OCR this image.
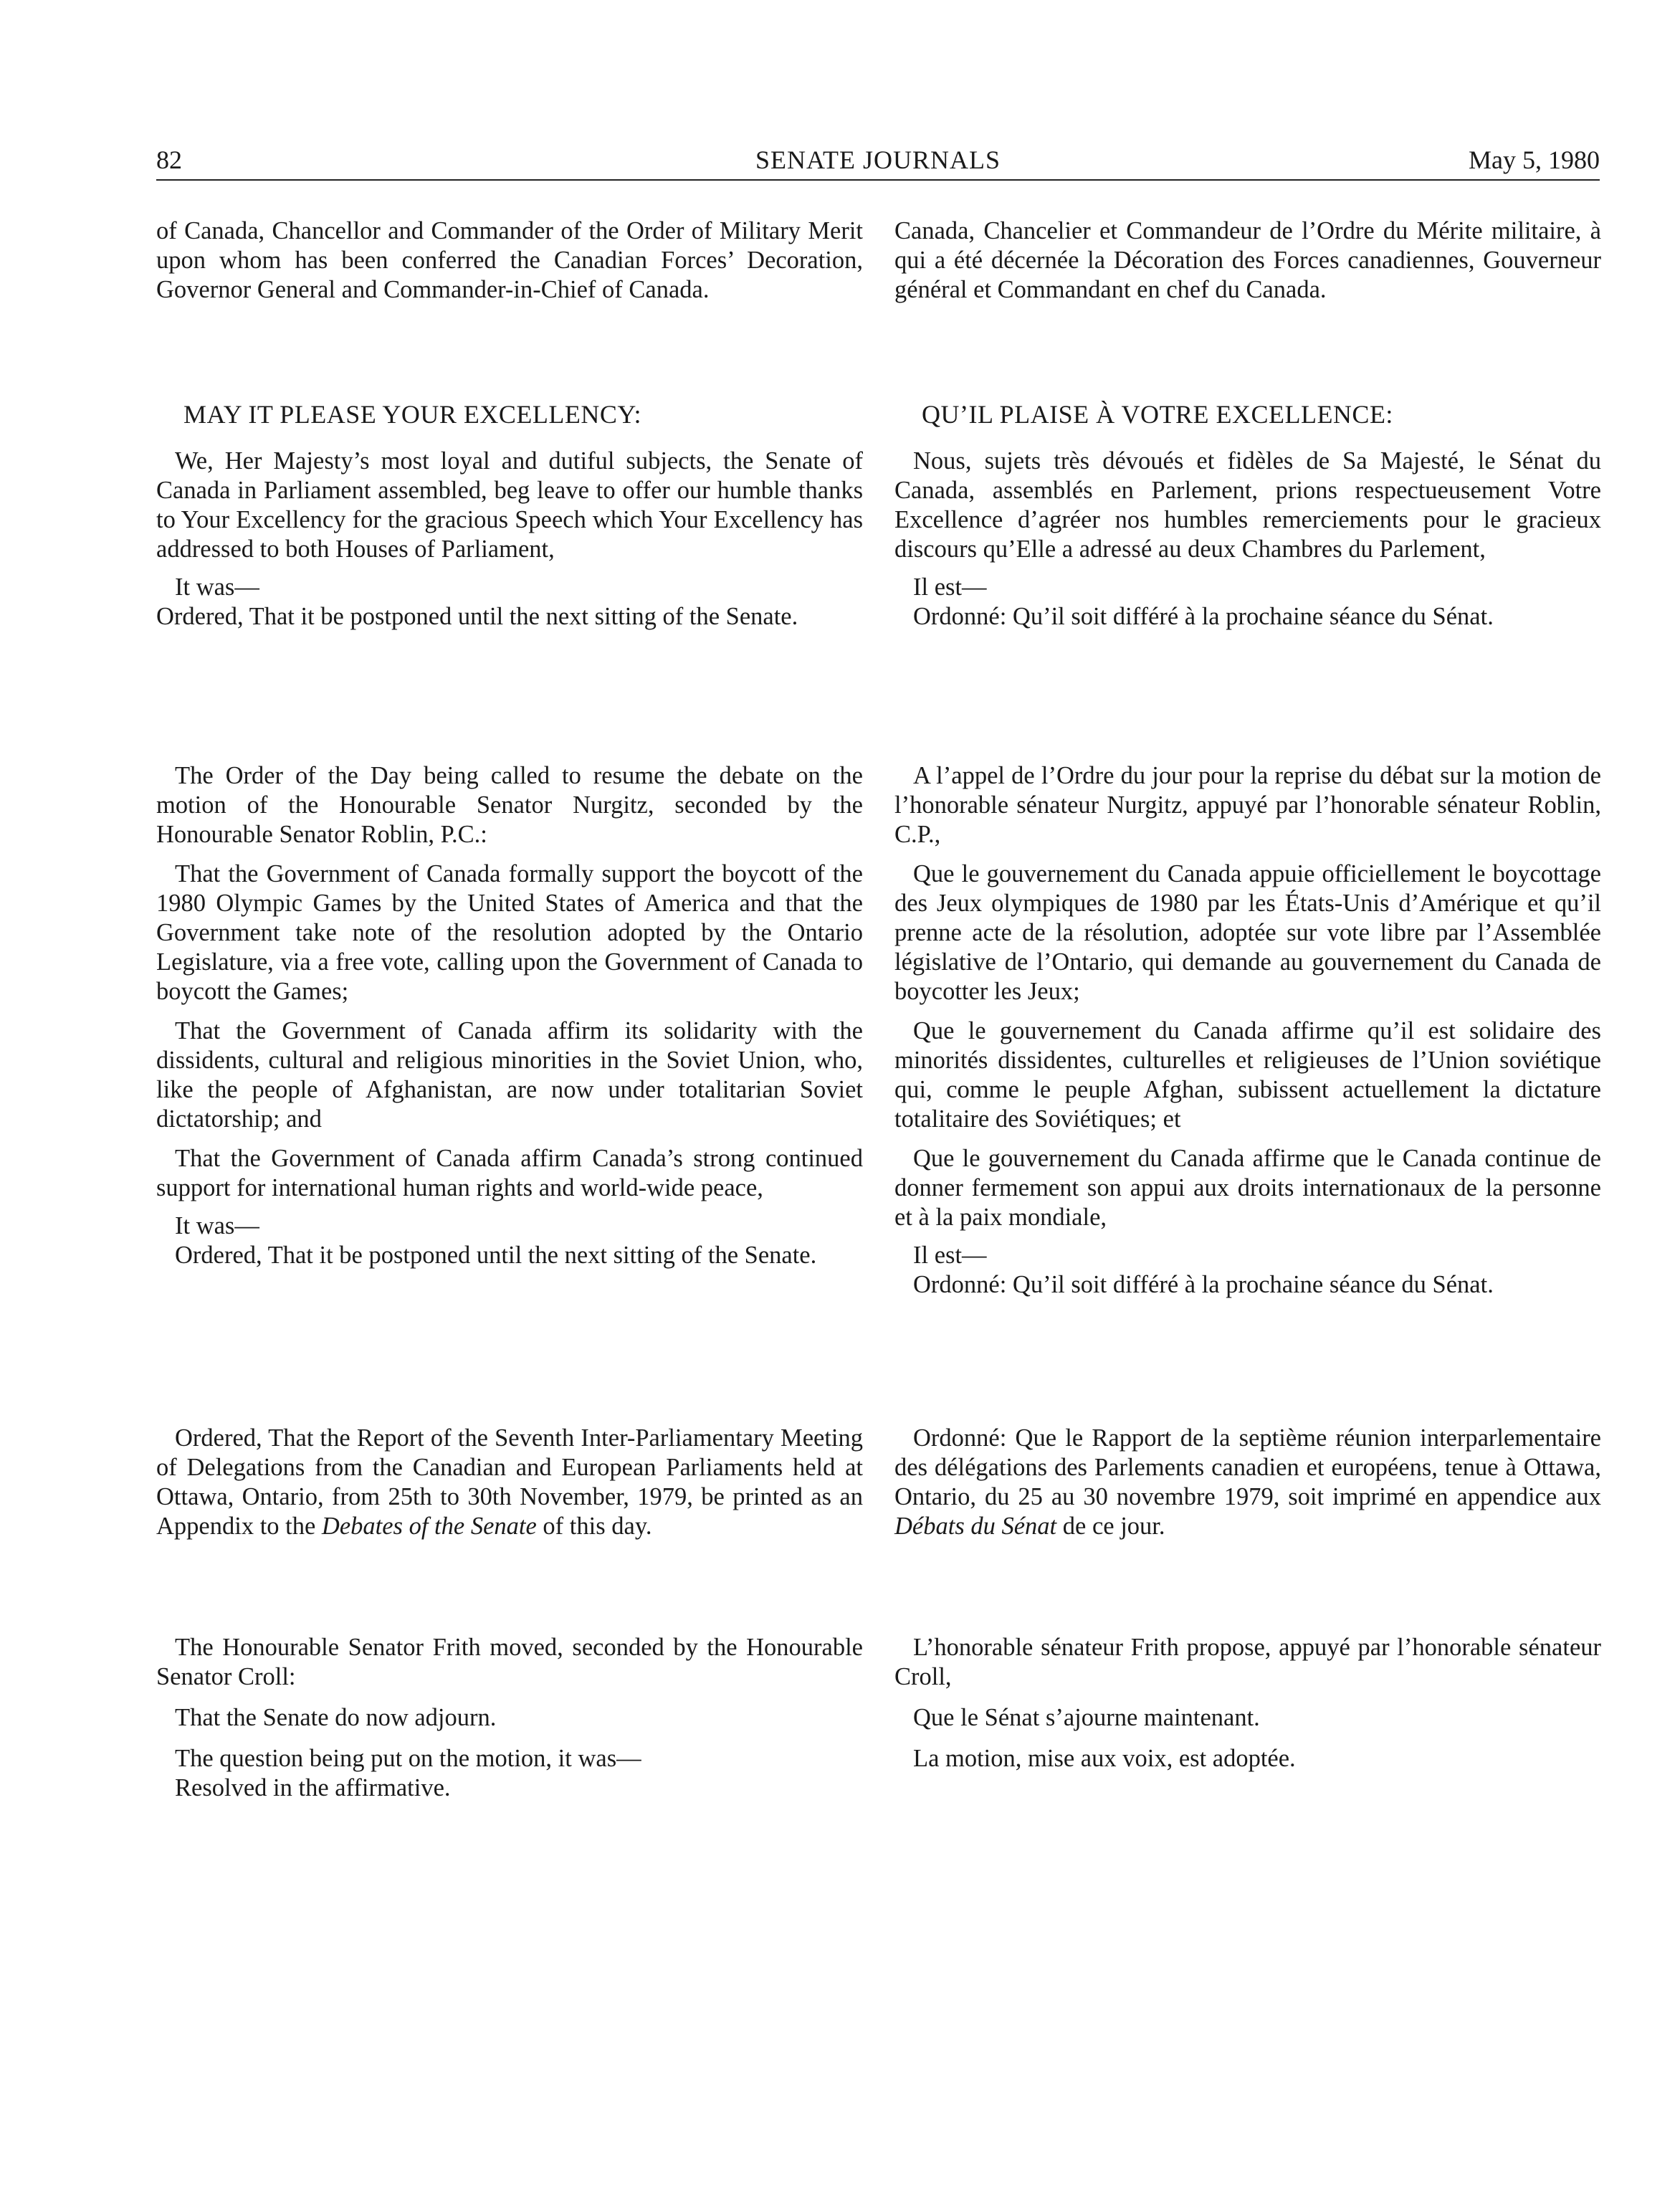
82	SENATE JOURNALS	May 5, 1980

of Canada, Chancellor and Commander of the Order of Military Merit upon whom has been conferred the Canadian Forces’ Decoration, Governor General and Commander-in-Chief of Canada.

MAY IT PLEASE YOUR EXCELLENCY:

We, Her Majesty’s most loyal and dutiful subjects, the Senate of Canada in Parliament assembled, beg leave to offer our humble thanks to Your Excellency for the gracious Speech which Your Excellency has addressed to both Houses of Parliament,

It was—

Ordered, That it be postponed until the next sitting of the Senate.

The Order of the Day being called to resume the debate on the motion of the Honourable Senator Nurgitz, seconded by the Honourable Senator Roblin, P.C.:

That the Government of Canada formally support the boycott of the 1980 Olympic Games by the United States of America and that the Government take note of the resolution adopted by the Ontario Legislature, via a free vote, calling upon the Government of Canada to boycott the Games;

That the Government of Canada affirm its solidarity with the dissidents, cultural and religious minorities in the Soviet Union, who, like the people of Afghanistan, are now under totalitarian Soviet dictatorship; and

That the Government of Canada affirm Canada’s strong continued support for international human rights and world-wide peace,

It was—

Ordered, That it be postponed until the next sitting of the Senate.

Ordered, That the Report of the Seventh Inter-Parliamentary Meeting of Delegations from the Canadian and European Parliaments held at Ottawa, Ontario, from 25th to 30th November, 1979, be printed as an Appendix to the Debates of the Senate of this day.

The Honourable Senator Frith moved, seconded by the Honourable Senator Croll:

That the Senate do now adjourn.

The question being put on the motion, it was—

Resolved in the affirmative.

Canada, Chancelier et Commandeur de l’Ordre du Mérite militaire, à qui a été décernée la Décoration des Forces canadiennes, Gouverneur général et Commandant en chef du Canada.

QU’IL PLAISE À VOTRE EXCELLENCE:

Nous, sujets très dévoués et fidèles de Sa Majesté, le Sénat du Canada, assemblés en Parlement, prions respectueusement Votre Excellence d’agréer nos humbles remerciements pour le gracieux discours qu’Elle a adressé au deux Chambres du Parlement,

Il est—

Ordonné: Qu’il soit différé à la prochaine séance du Sénat.

A l’appel de l’Ordre du jour pour la reprise du débat sur la motion de l’honorable sénateur Nurgitz, appuyé par l’honorable sénateur Roblin, C.P.,

Que le gouvernement du Canada appuie officiellement le boycottage des Jeux olympiques de 1980 par les États-Unis d’Amérique et qu’il prenne acte de la résolution, adoptée sur vote libre par l’Assemblée législative de l’Ontario, qui demande au gouvernement du Canada de boycotter les Jeux;

Que le gouvernement du Canada affirme qu’il est solidaire des minorités dissidentes, culturelles et religieuses de l’Union soviétique qui, comme le peuple Afghan, subissent actuellement la dictature totalitaire des Soviétiques; et

Que le gouvernement du Canada affirme que le Canada continue de donner fermement son appui aux droits internationaux de la personne et à la paix mondiale,

Il est—

Ordonné: Qu’il soit différé à la prochaine séance du Sénat.

Ordonné: Que le Rapport de la septième réunion interparlementaire des délégations des Parlements canadien et européens, tenue à Ottawa, Ontario, du 25 au 30 novembre 1979, soit imprimé en appendice aux Débats du Sénat de ce jour.

L’honorable sénateur Frith propose, appuyé par l’honorable sénateur Croll,

Que le Sénat s’ajourne maintenant.

La motion, mise aux voix, est adoptée.
